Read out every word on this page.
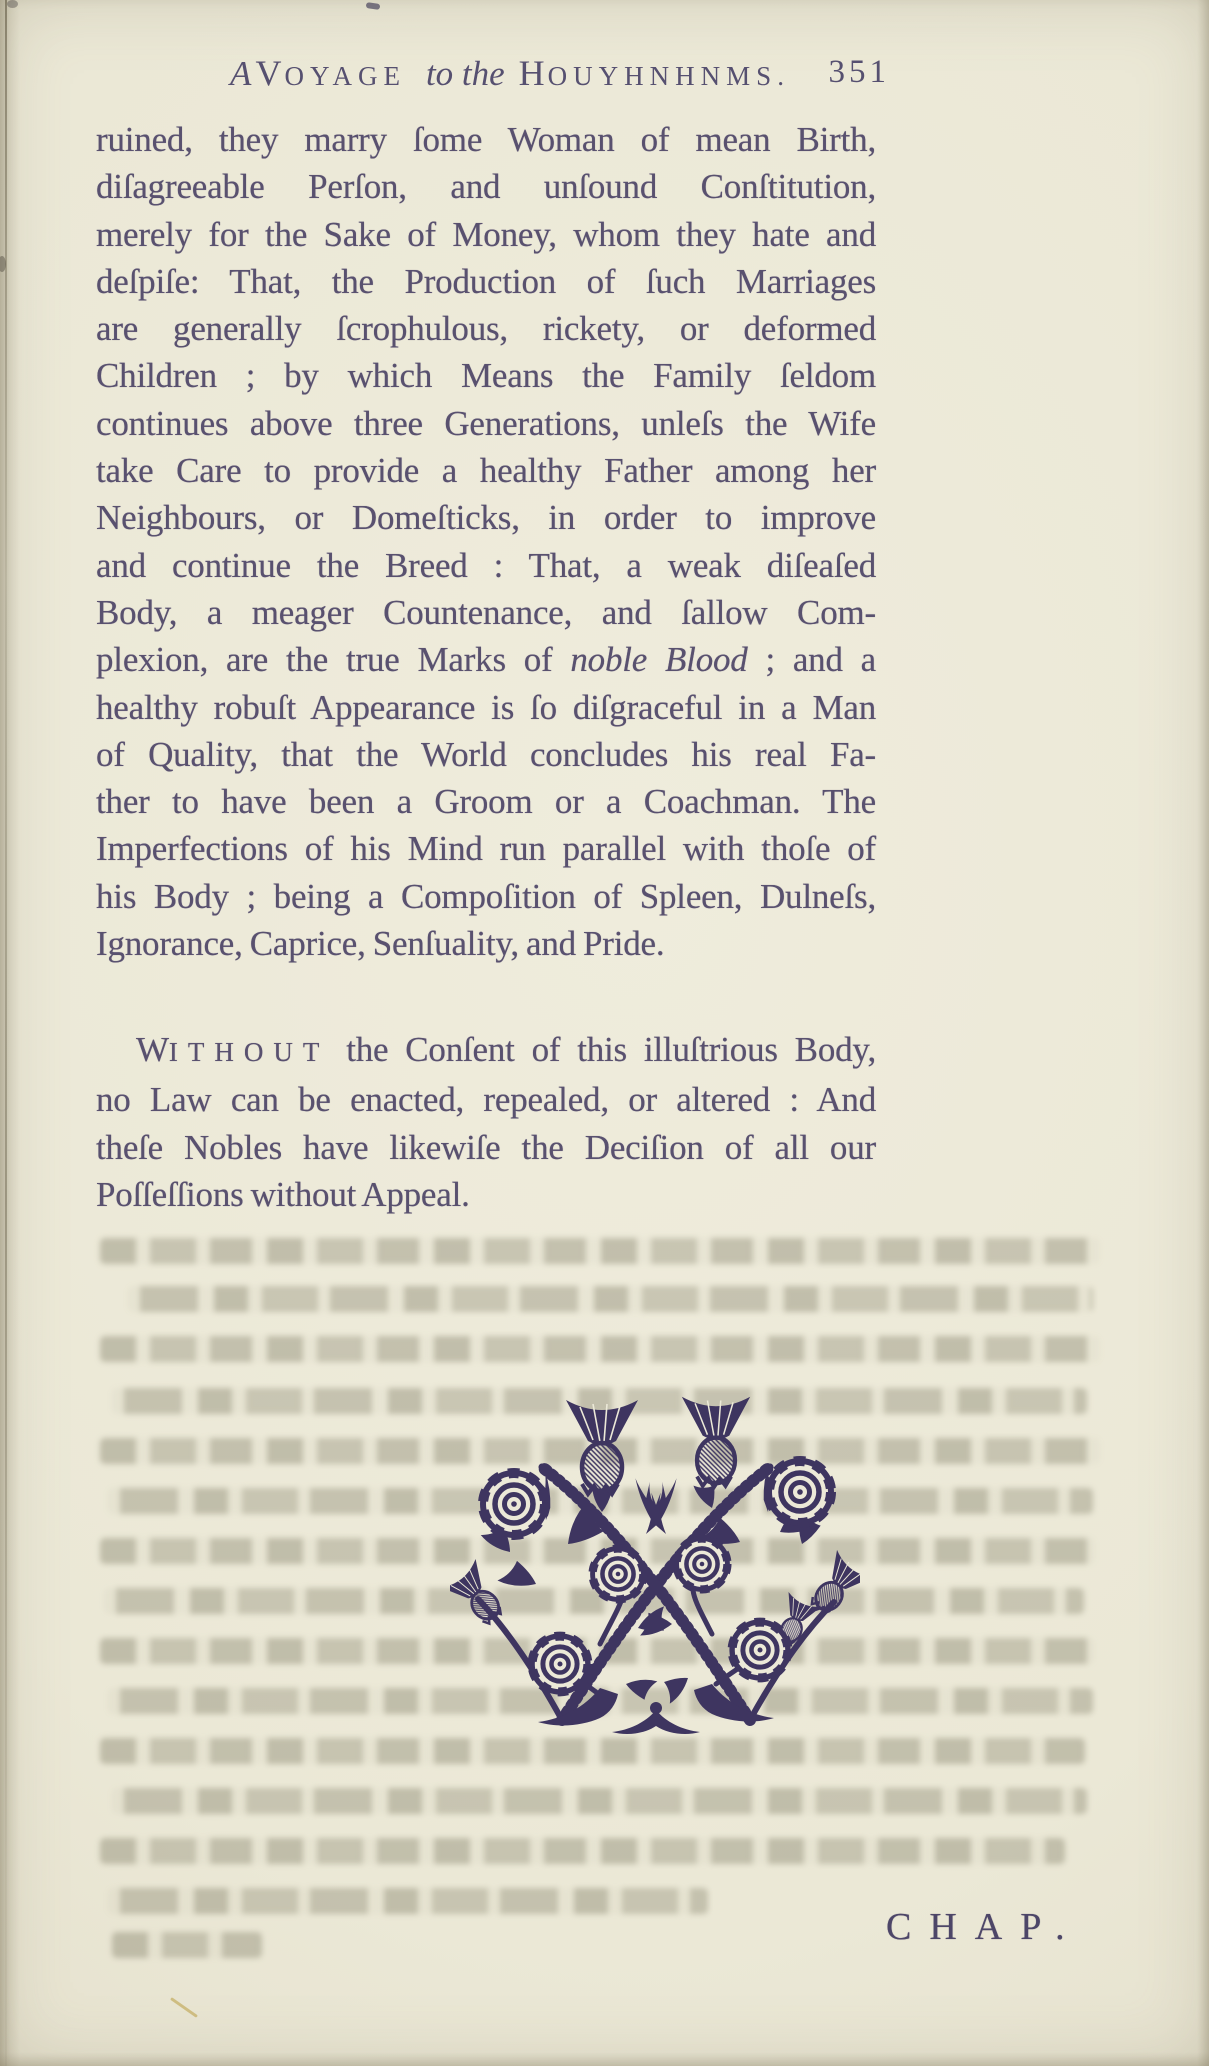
A VOYAGE to the HOUYHNHNMS. 351
ruined, they marry ſome Woman of mean Birth,
diſagreeable Perſon, and unſound Conſtitution,
merely for the Sake of Money, whom they hate and
deſpiſe: That, the Production of ſuch Marriages
are generally ſcrophulous, rickety, or deformed
Children ; by which Means the Family ſeldom
continues above three Generations, unleſs the Wife
take Care to provide a healthy Father among her
Neighbours, or Domeſticks, in order to improve
and continue the Breed : That, a weak diſeaſed
Body, a meager Countenance, and ſallow Com-
plexion, are the true Marks of noble Blood ; and a
healthy robuſt Appearance is ſo diſgraceful in a Man
of Quality, that the World concludes his real Fa-
ther to have been a Groom or a Coachman. The
Imperfections of his Mind run parallel with thoſe of
his Body ; being a Compoſition of Spleen, Dulneſs,
Ignorance, Caprice, Senſuality, and Pride.
WITHOUT the Conſent of this illuſtrious Body,
no Law can be enacted, repealed, or altered : And
theſe Nobles have likewiſe the Deciſion of all our
Poſſeſſions without Appeal.
CHAP.
